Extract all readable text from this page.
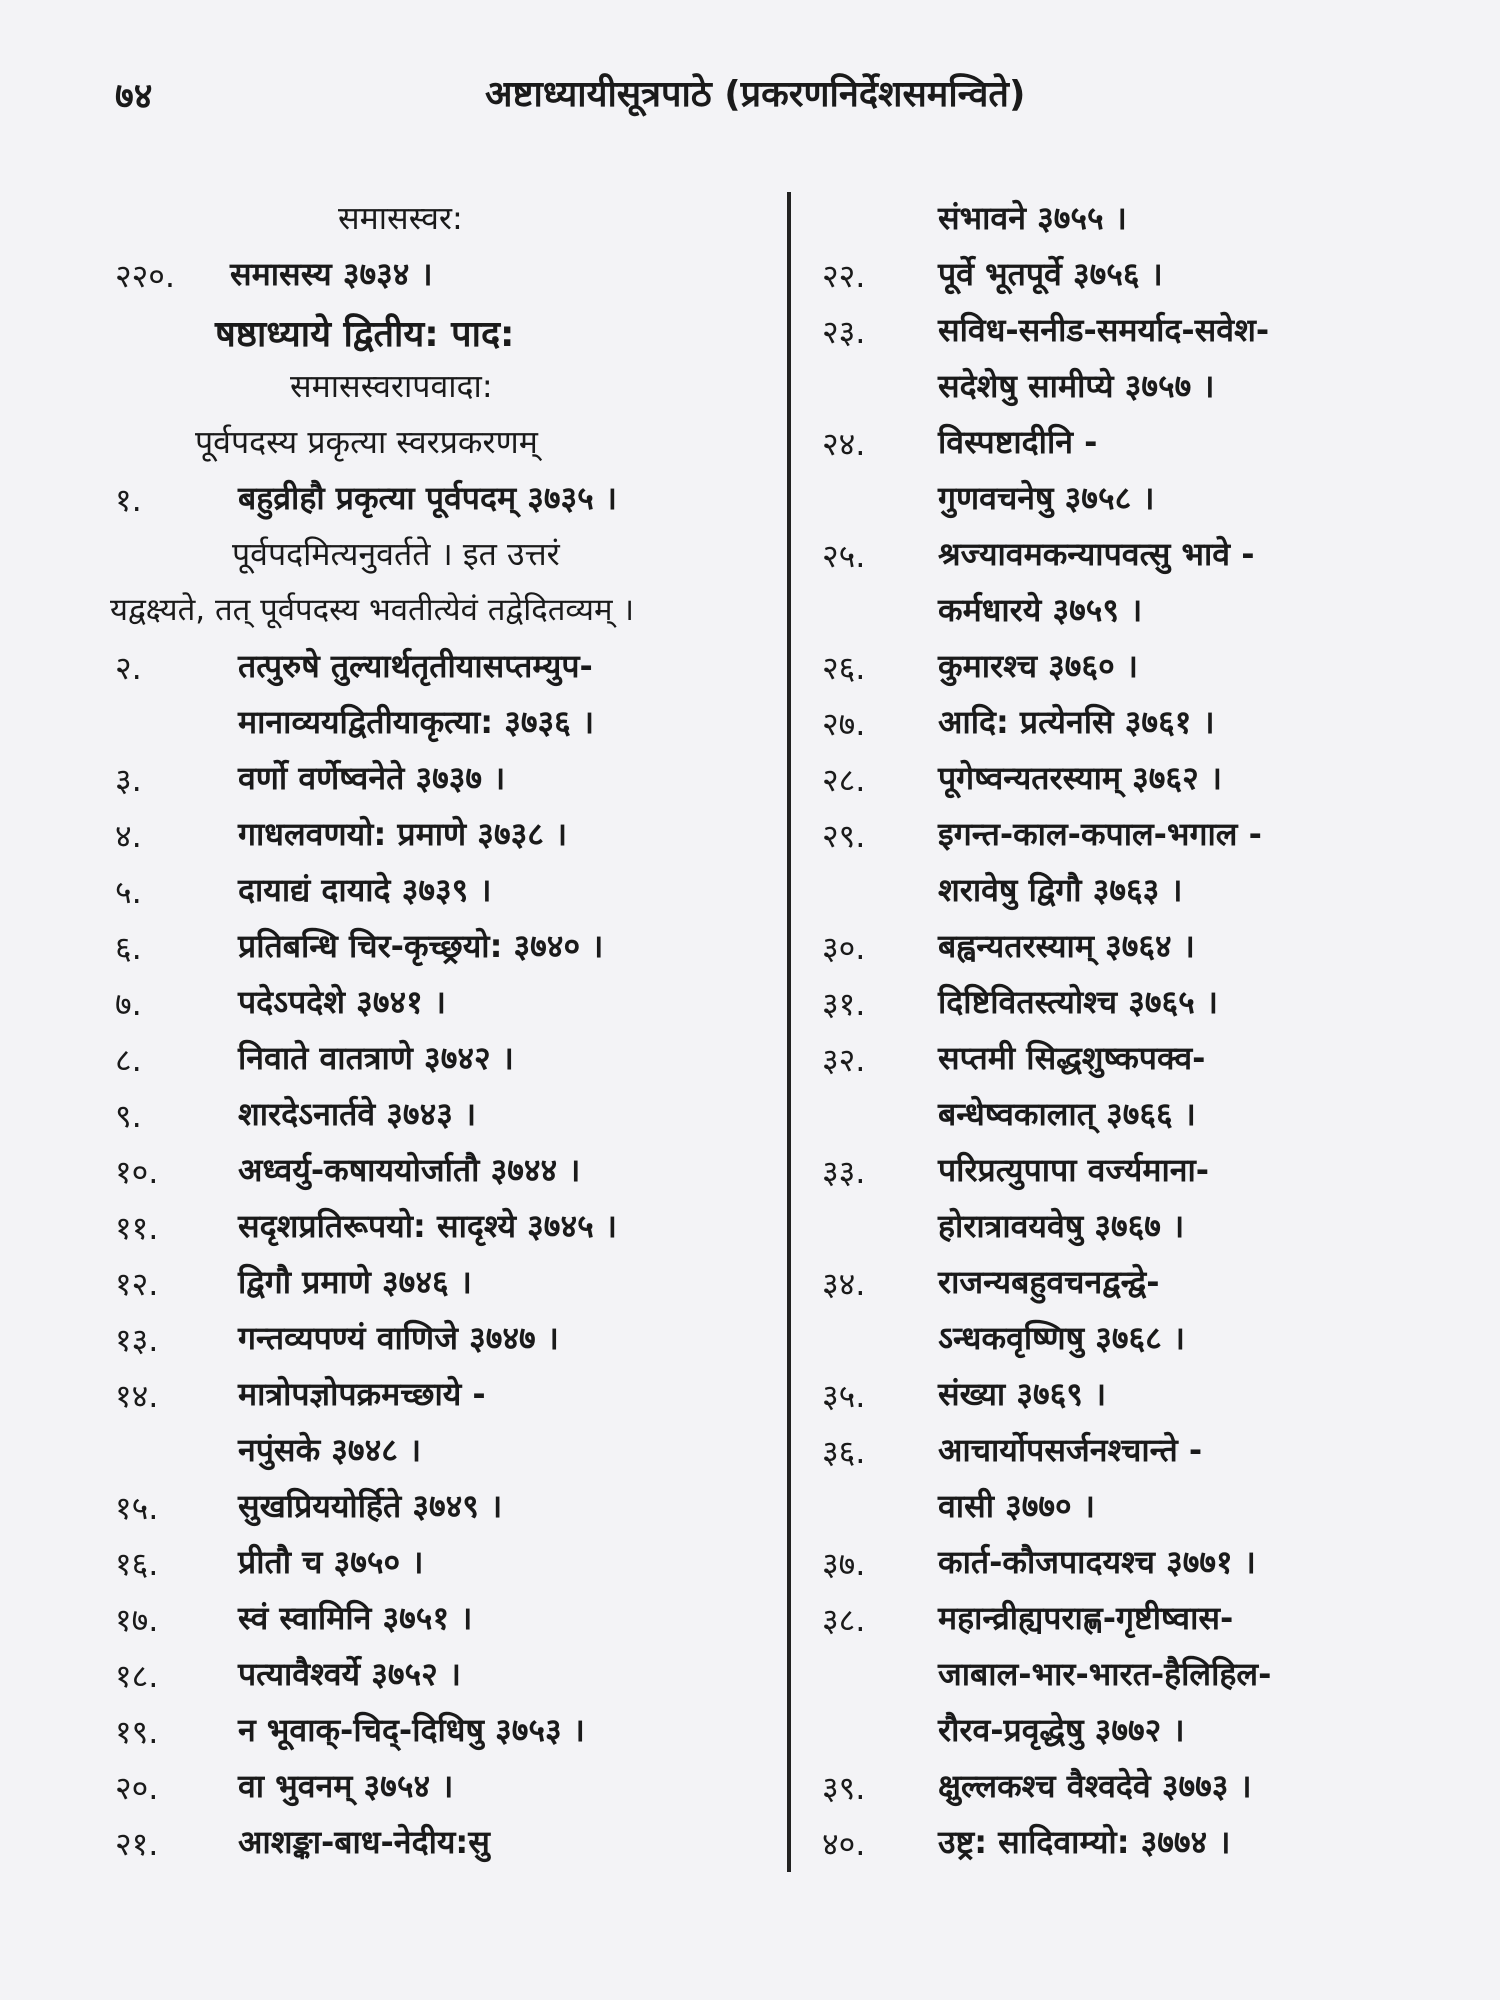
७४	अष्टाध्यायीसूत्रपाठे (प्रकरणनिर्देशसमन्विते)
समासस्वर:
२२०. समासस्य ३७३४ ।
षष्ठाध्याये द्वितीय: पाद:
समासस्वरापवादा:
पूर्वपदस्य प्रकृत्या स्वरप्रकरणम्
१.	बहुव्रीहौ प्रकृत्या पूर्वपदम् ३७३५ ।
पूर्वपदमित्यनुवर्तते । इत उत्तरं
यद्वक्ष्यते, तत् पूर्वपदस्य भवतीत्येवं तद्वेदितव्यम् ।
२.	तत्पुरुषे तुल्यार्थतृतीयासप्तम्युप-
मानाव्ययद्वितीयाकृत्या: ३७३६ ।
३.	वर्णो वर्णेष्वनेते ३७३७ ।
४.	गाधलवणयो: प्रमाणे ३७३८ ।
५.	दायाद्यं दायादे ३७३९ ।
६.	प्रतिबन्धि चिर-कृच्छ्रयो: ३७४० ।
७.	पदेऽपदेशे ३७४१ ।
८.	निवाते वातत्राणे ३७४२ ।
९.	शारदेऽनार्तवे ३७४३ ।
१०. अध्वर्यु-कषाययोर्जातौ ३७४४ ।
११. सदृशप्रतिरूपयो: सादृश्ये ३७४५ ।
१२. द्विगौ प्रमाणे ३७४६ ।
१३. गन्तव्यपण्यं वाणिजे ३७४७ ।
१४. मात्रोपज्ञोपक्रमच्छाये -
नपुंसके ३७४८ ।
१५. सुखप्रिययोर्हिते ३७४९ ।
१६. प्रीतौ च ३७५० ।
१७. स्वं स्वामिनि ३७५१ ।
१८. पत्यावैश्वर्ये ३७५२ ।
१९. न भूवाक्-चिद्-दिधिषु ३७५३ ।
२०. वा भुवनम् ३७५४ ।
२१. आशङ्का-बाध-नेदीय:सु
संभावने ३७५५ ।
२२. पूर्वे भूतपूर्वे ३७५६ ।
२३. सविध-सनीड-समर्याद-सवेश-
सदेशेषु सामीप्ये ३७५७ ।
२४. विस्पष्टादीनि -
गुणवचनेषु ३७५८ ।
२५. श्रज्यावमकन्यापवत्सु भावे -
कर्मधारये ३७५९ ।
२६. कुमारश्च ३७६० ।
२७. आदि: प्रत्येनसि ३७६१ ।
२८. पूगेष्वन्यतरस्याम् ३७६२ ।
२९. इगन्त-काल-कपाल-भगाल -
शरावेषु द्विगौ ३७६३ ।
३०. बह्वन्यतरस्याम् ३७६४ ।
३१. दिष्टिवितस्त्योश्च ३७६५ ।
३२. सप्तमी सिद्धशुष्कपक्व-
बन्धेष्वकालात् ३७६६ ।
३३. परिप्रत्युपापा वर्ज्यमाना-
होरात्रावयवेषु ३७६७ ।
३४. राजन्यबहुवचनद्वन्द्वे-
ऽन्धकवृष्णिषु ३७६८ ।
३५. संख्या ३७६९ ।
३६. आचार्योपसर्जनश्चान्ते -
वासी ३७७० ।
३७. कार्त-कौजपादयश्च ३७७१ ।
३८. महान्व्रीह्यपराह्ण-गृष्टीष्वास-
जाबाल-भार-भारत-हैलिहिल-
रौरव-प्रवृद्धेषु ३७७२ ।
३९. क्षुल्लकश्च वैश्वदेवे ३७७३ ।
४०. उष्ट्र: सादिवाम्यो: ३७७४ ।
